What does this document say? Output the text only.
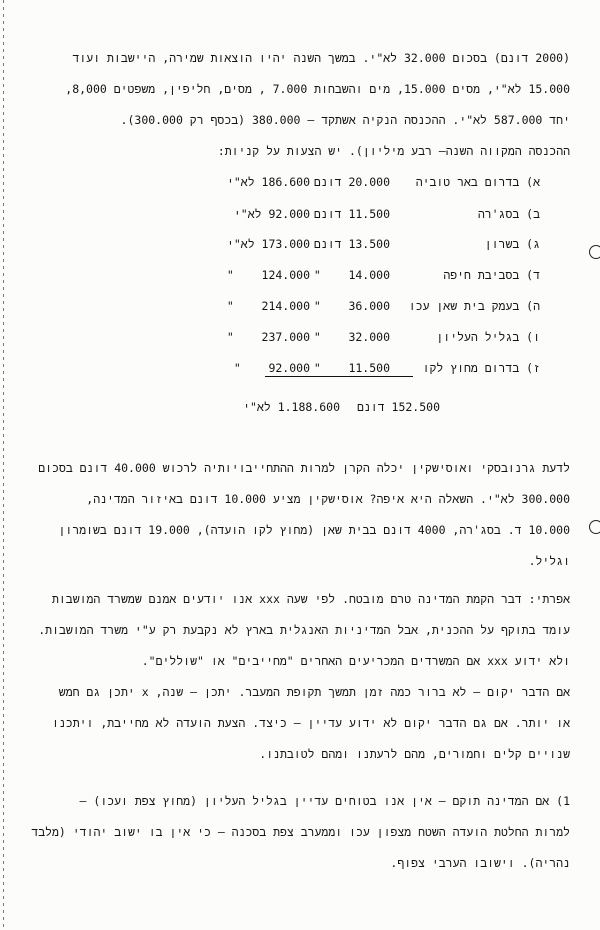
(2000 דונם) בסכום 32.000 לא"י. במשך השנה יהיו הוצאות שמירה, היישבות ועוד
15.000 לא"י, מסים 15.000, מים והשבחות 7.000 , מסים, חליפין, משפטים 8,000,
יחד 587.000 לא"י. ההכנסה הנקיה אשתקד – 380.000 (בכסף רק 300.000).
ההכנסה המקווה השנה– רבע מיליון). יש הצעות על קניות:
א) בדרום באר טוביה
20.000 דונם
186.600 לא"י
ב) בסג'רה
11.500 דונם
92.000 לא"י
ג) בשרון
13.500 דונם
173.000 לא"י
ד) בסביבת חיפה
14.000    "
124.000    "
ה) בעמק בית שאן עכו
36.000    "
214.000    "
ו) בגליל העליון
32.000    "
237.000    "
ז) בדרום מחוץ לקו
11.500    "
92.000    "
152.500 דונם
1.188.600 לא"י
לדעת גרנובסקי ואוסישקין יכלה הקרן למרות ההתחייבויותיה לרכוש 40.000 דונם בסכום
300.000 לא"י. השאלה היא איפה? אוסישקין מציע 10.000 דונם באיזור המדינה,
10.000 ד. בסג'רה, 4000 דונם בבית שאן (מחוץ לקו הועדה), 19.000 דונם בשומרון
וגליל.
אפרתי: דבר הקמת המדינה טרם מובטח. לפי שעה xxx אנו יודעים אמנם שמשרד המושבות
עומד בתוקף על ההכנית, אבל המדיניות האנגלית בארץ לא נקבעת רק ע"י משרד המושבות.
ולא ידוע xxx אם המשרדים המכריעים האחרים "מחייבים" או "שוללים".
אם הדבר יקום – לא ברור כמה זמן תמשך תקופת המעבר. יתכן – שנה, x יתכן גם חמש
או יותר. אם גם הדבר יקום לא ידוע עדיין – כיצד. הצעת הועדה לא מחייבת, ויתכנו
שנויים קלים וחמורים, מהם לרעתנו ומהם לטובתנו.
1) אם המדינה תוקם – אין אנו בטוחים עדיין בגליל העליון (מחוץ צפת ועכו) –
למרות החלטת הועדה השטח מצפון עכו וממערב צפת בסכנה – כי אין בו ישוב יהודי (מלבד
נהריה). וישובו הערבי צפוף.
